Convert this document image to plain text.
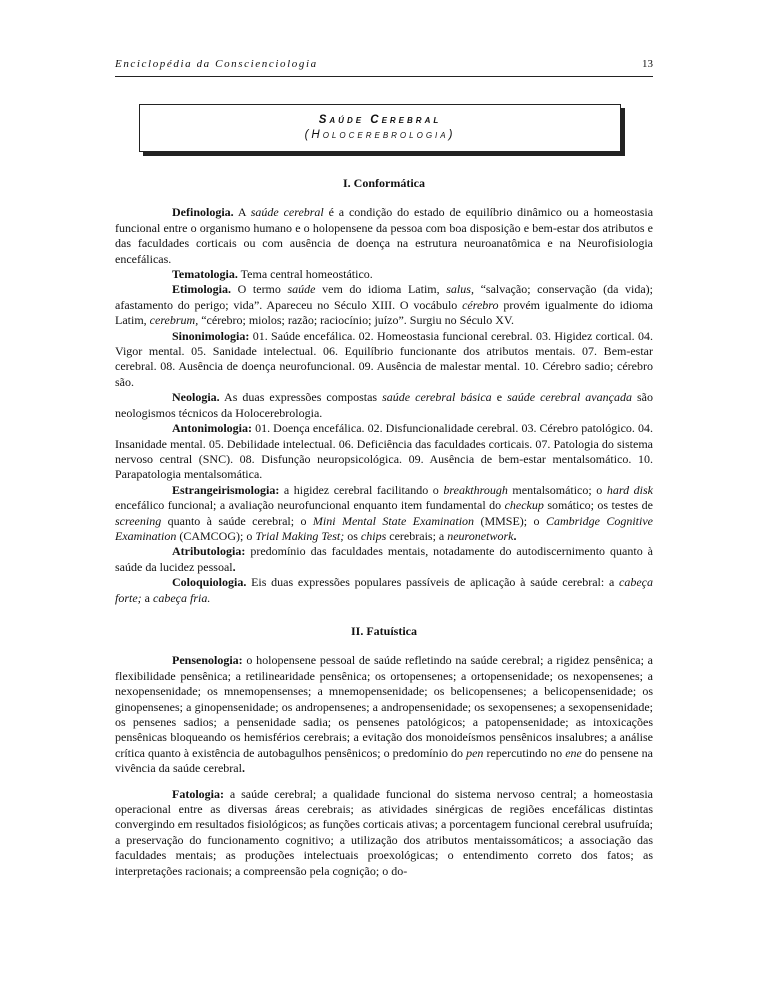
Enciclopédia da Conscienciologia	13
Saúde Cerebral
(Holocerebrologia)

I. Conformática

Definologia. A saúde cerebral é a condição do estado de equilíbrio dinâmico ou a homeostasia funcional entre o organismo humano e o holopensene da pessoa com boa disposição e bem-estar dos atributos e das faculdades corticais ou com ausência de doença na estrutura neuroanatômica e na Neurofisiologia encefálicas.

Tematologia. Tema central homeostático.

Etimologia. O termo saúde vem do idioma Latim, salus, “salvação; conservação (da vida); afastamento do perigo; vida”. Apareceu no Século XIII. O vocábulo cérebro provém igualmente do idioma Latim, cerebrum, “cérebro; miolos; razão; raciocínio; juízo”. Surgiu no Século XV.

Sinonimologia: 01. Saúde encefálica. 02. Homeostasia funcional cerebral. 03. Higidez cortical. 04. Vigor mental. 05. Sanidade intelectual. 06. Equilíbrio funcionante dos atributos mentais. 07. Bem-estar cerebral. 08. Ausência de doença neurofuncional. 09. Ausência de malestar mental. 10. Cérebro sadio; cérebro são.

Neologia. As duas expressões compostas saúde cerebral básica e saúde cerebral avançada são neologismos técnicos da Holocerebrologia.

Antonimologia: 01. Doença encefálica. 02. Disfuncionalidade cerebral. 03. Cérebro patológico. 04. Insanidade mental. 05. Debilidade intelectual. 06. Deficiência das faculdades corticais. 07. Patologia do sistema nervoso central (SNC). 08. Disfunção neuropsicológica. 09. Ausência de bem-estar mentalsomático. 10. Parapatologia mentalsomática.

Estrangeirismologia: a higidez cerebral facilitando o breakthrough mentalsomático; o hard disk encefálico funcional; a avaliação neurofuncional enquanto item fundamental do checkup somático; os testes de screening quanto à saúde cerebral; o Mini Mental State Examination (MMSE); o Cambridge Cognitive Examination (CAMCOG); o Trial Making Test; os chips cerebrais; a neuronetwork.

Atributologia: predomínio das faculdades mentais, notadamente do autodiscernimento quanto à saúde da lucidez pessoal.

Coloquiologia. Eis duas expressões populares passíveis de aplicação à saúde cerebral: a cabeça forte; a cabeça fria.

II. Fatuística

Pensenologia: o holopensene pessoal de saúde refletindo na saúde cerebral; a rigidez pensênica; a flexibilidade pensênica; a retilinearidade pensênica; os ortopensenes; a ortopensenidade; os nexopensenes; a nexopensenidade; os mnemopensenses; a mnemopensenidade; os belicopensenes; a belicopensenidade; os ginopensenes; a ginopensenidade; os andropensenes; a andropensenidade; os sexopensenes; a sexopensenidade; os pensenes sadios; a pensenidade sadia; os pensenes patológicos; a patopensenidade; as intoxicações pensênicas bloqueando os hemisférios cerebrais; a evitação dos monoideísmos pensênicos insalubres; a análise crítica quanto à existência de autobagulhos pensênicos; o predomínio do pen repercutindo no ene do pensene na vivência da saúde cerebral.

Fatologia: a saúde cerebral; a qualidade funcional do sistema nervoso central; a homeostasia operacional entre as diversas áreas cerebrais; as atividades sinérgicas de regiões encefálicas distintas convergindo em resultados fisiológicos; as funções corticais ativas; a porcentagem funcional cerebral usufruída; a preservação do funcionamento cognitivo; a utilização dos atributos mentaissomáticos; a associação das faculdades mentais; as produções intelectuais proexológicas; o entendimento correto dos fatos; as interpretações racionais; a compreensão pela cognição; o do-
